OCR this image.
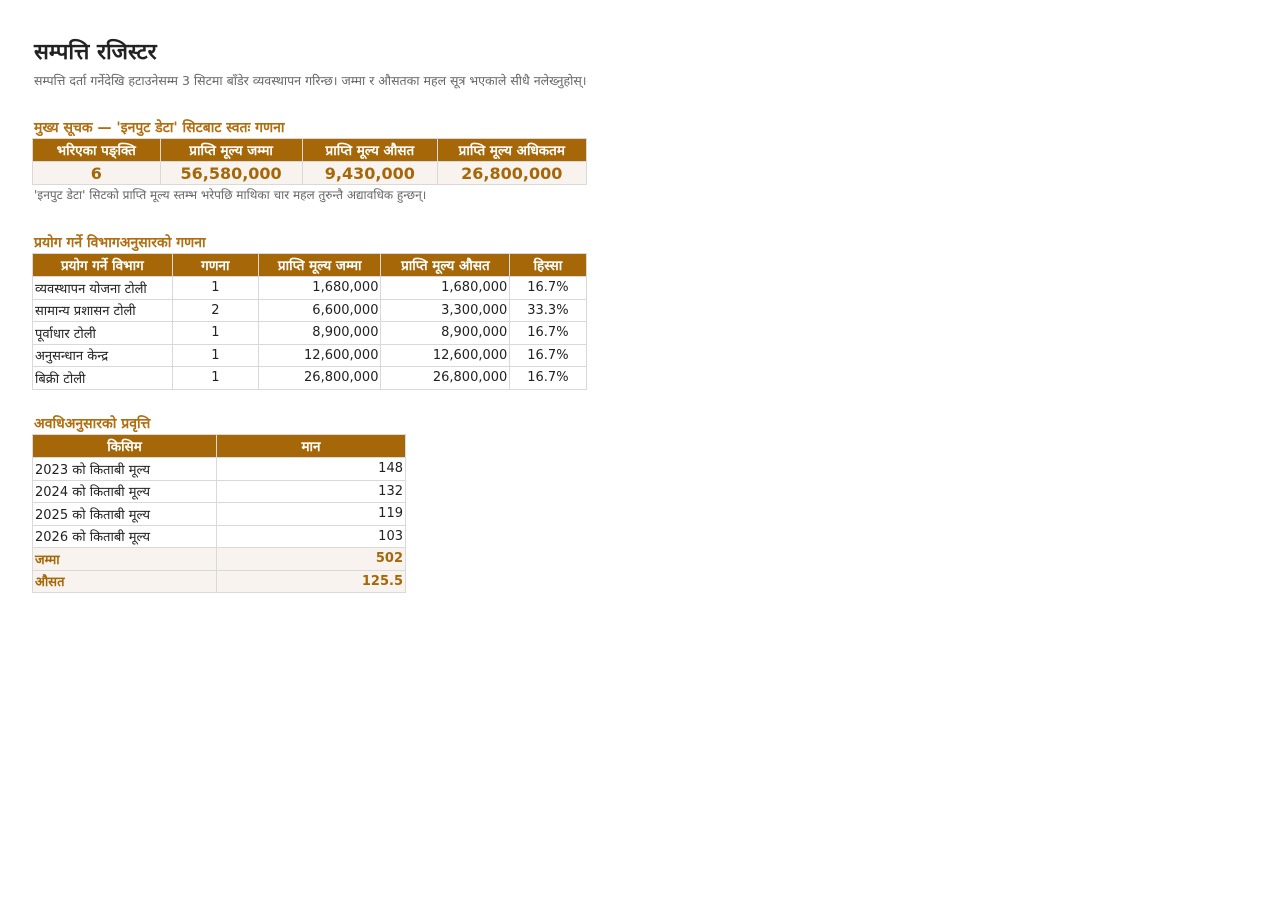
सम्पत्ति रजिस्टर
सम्पत्ति दर्ता गर्नेदेखि हटाउनेसम्म 3 सिटमा बाँडेर व्यवस्थापन गरिन्छ। जम्मा र औसतका महल सूत्र भएकाले सीधै नलेख्नुहोस्।
मुख्य सूचक — 'इनपुट डेटा' सिटबाट स्वतः गणना
भरिएका पङ्क्ति	प्राप्ति मूल्य जम्मा	प्राप्ति मूल्य औसत	प्राप्ति मूल्य अधिकतम
6	56,580,000	9,430,000	26,800,000
'इनपुट डेटा' सिटको प्राप्ति मूल्य स्तम्भ भरेपछि माथिका चार महल तुरुन्तै अद्यावधिक हुन्छन्।
प्रयोग गर्ने विभागअनुसारको गणना
प्रयोग गर्ने विभाग	गणना	प्राप्ति मूल्य जम्मा	प्राप्ति मूल्य औसत	हिस्सा
व्यवस्थापन योजना टोली	1	1,680,000	1,680,000	16.7%
सामान्य प्रशासन टोली	2	6,600,000	3,300,000	33.3%
पूर्वाधार टोली	1	8,900,000	8,900,000	16.7%
अनुसन्धान केन्द्र	1	12,600,000	12,600,000	16.7%
बिक्री टोली	1	26,800,000	26,800,000	16.7%
अवधिअनुसारको प्रवृत्ति
किसिम	मान
2023 को किताबी मूल्य	148
2024 को किताबी मूल्य	132
2025 को किताबी मूल्य	119
2026 को किताबी मूल्य	103
जम्मा	502
औसत	125.5
